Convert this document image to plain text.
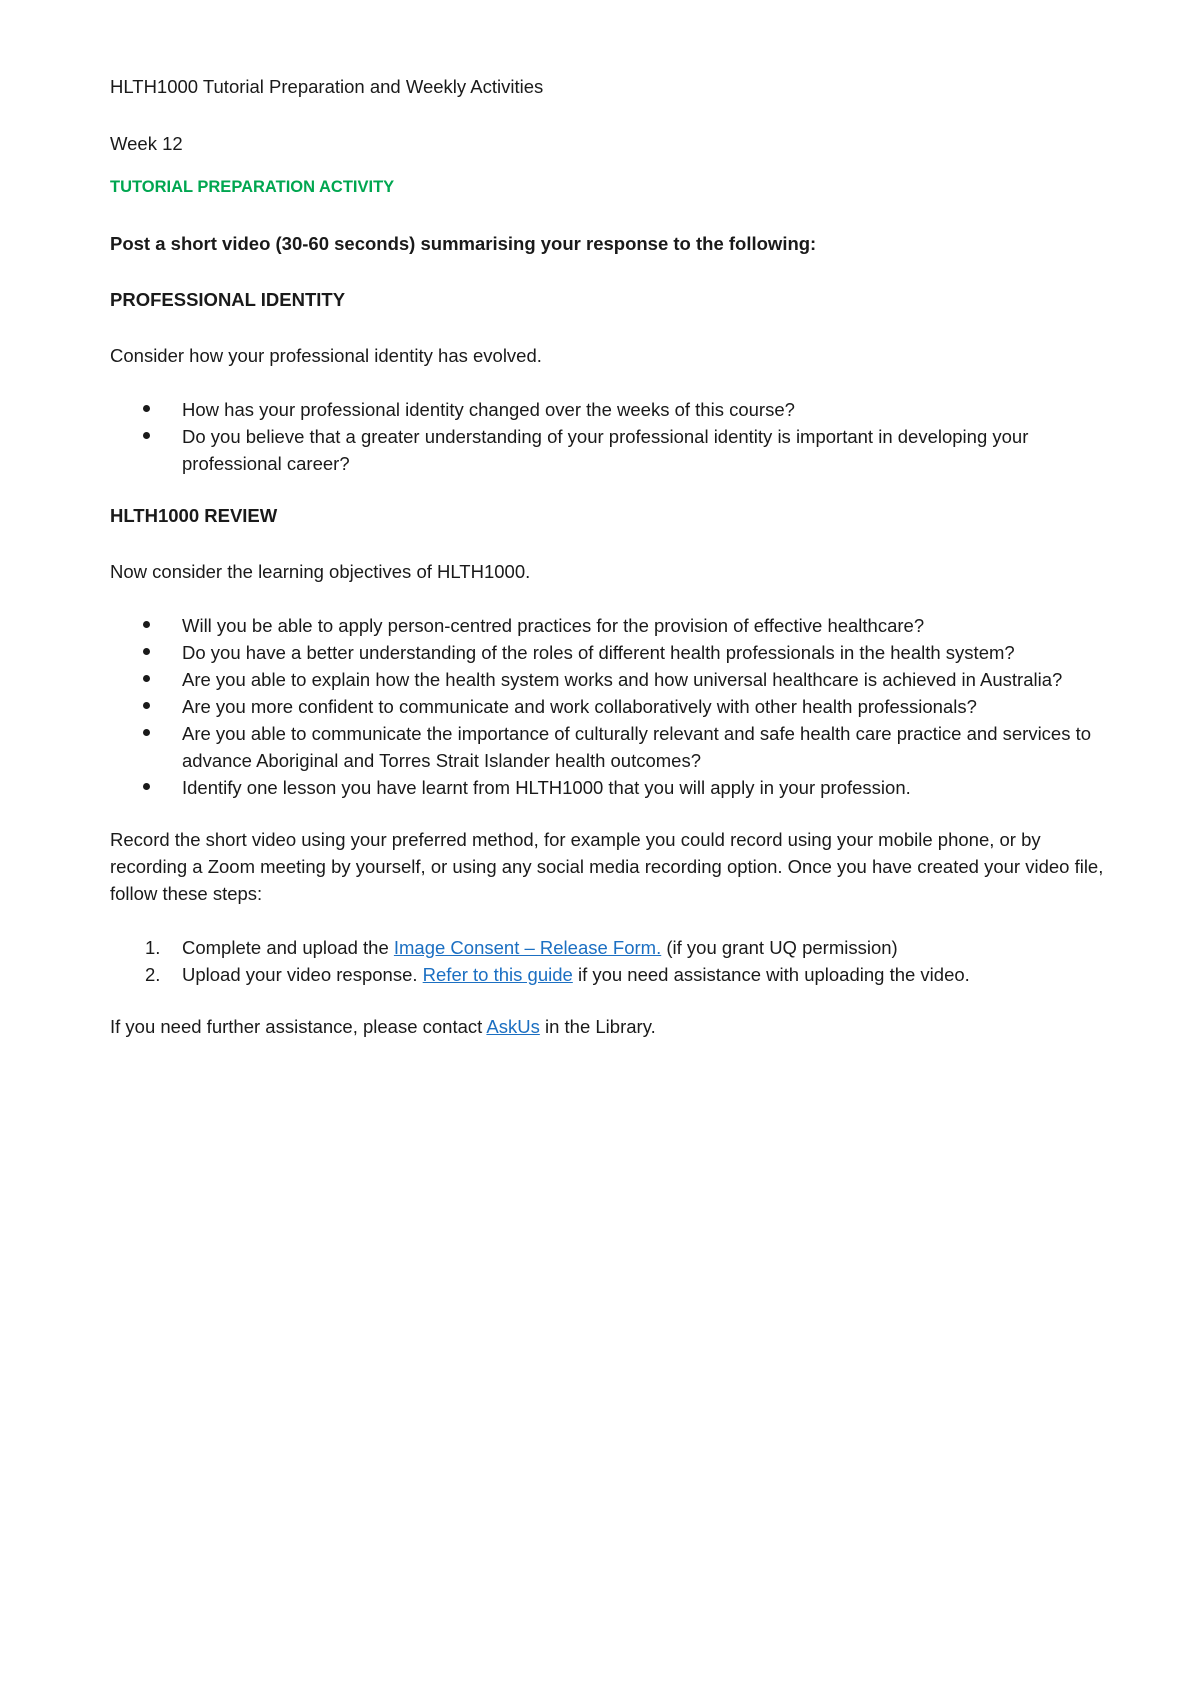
HLTH1000 Tutorial Preparation and Weekly Activities

Week 12

TUTORIAL PREPARATION ACTIVITY

Post a short video (30-60 seconds) summarising your response to the following:

PROFESSIONAL IDENTITY

Consider how your professional identity has evolved.

How has your professional identity changed over the weeks of this course?
Do you believe that a greater understanding of your professional identity is important in developing your professional career?

HLTH1000 REVIEW

Now consider the learning objectives of HLTH1000.

Will you be able to apply person-centred practices for the provision of effective healthcare?
Do you have a better understanding of the roles of different health professionals in the health system?
Are you able to explain how the health system works and how universal healthcare is achieved in Australia?
Are you more confident to communicate and work collaboratively with other health professionals?
Are you able to communicate the importance of culturally relevant and safe health care practice and services to advance Aboriginal and Torres Strait Islander health outcomes?
Identify one lesson you have learnt from HLTH1000 that you will apply in your profession.

Record the short video using your preferred method, for example you could record using your mobile phone, or by recording a Zoom meeting by yourself, or using any social media recording option. Once you have created your video file, follow these steps:

1. Complete and upload the Image Consent – Release Form. (if you grant UQ permission)
2. Upload your video response. Refer to this guide if you need assistance with uploading the video.

If you need further assistance, please contact AskUs in the Library.
